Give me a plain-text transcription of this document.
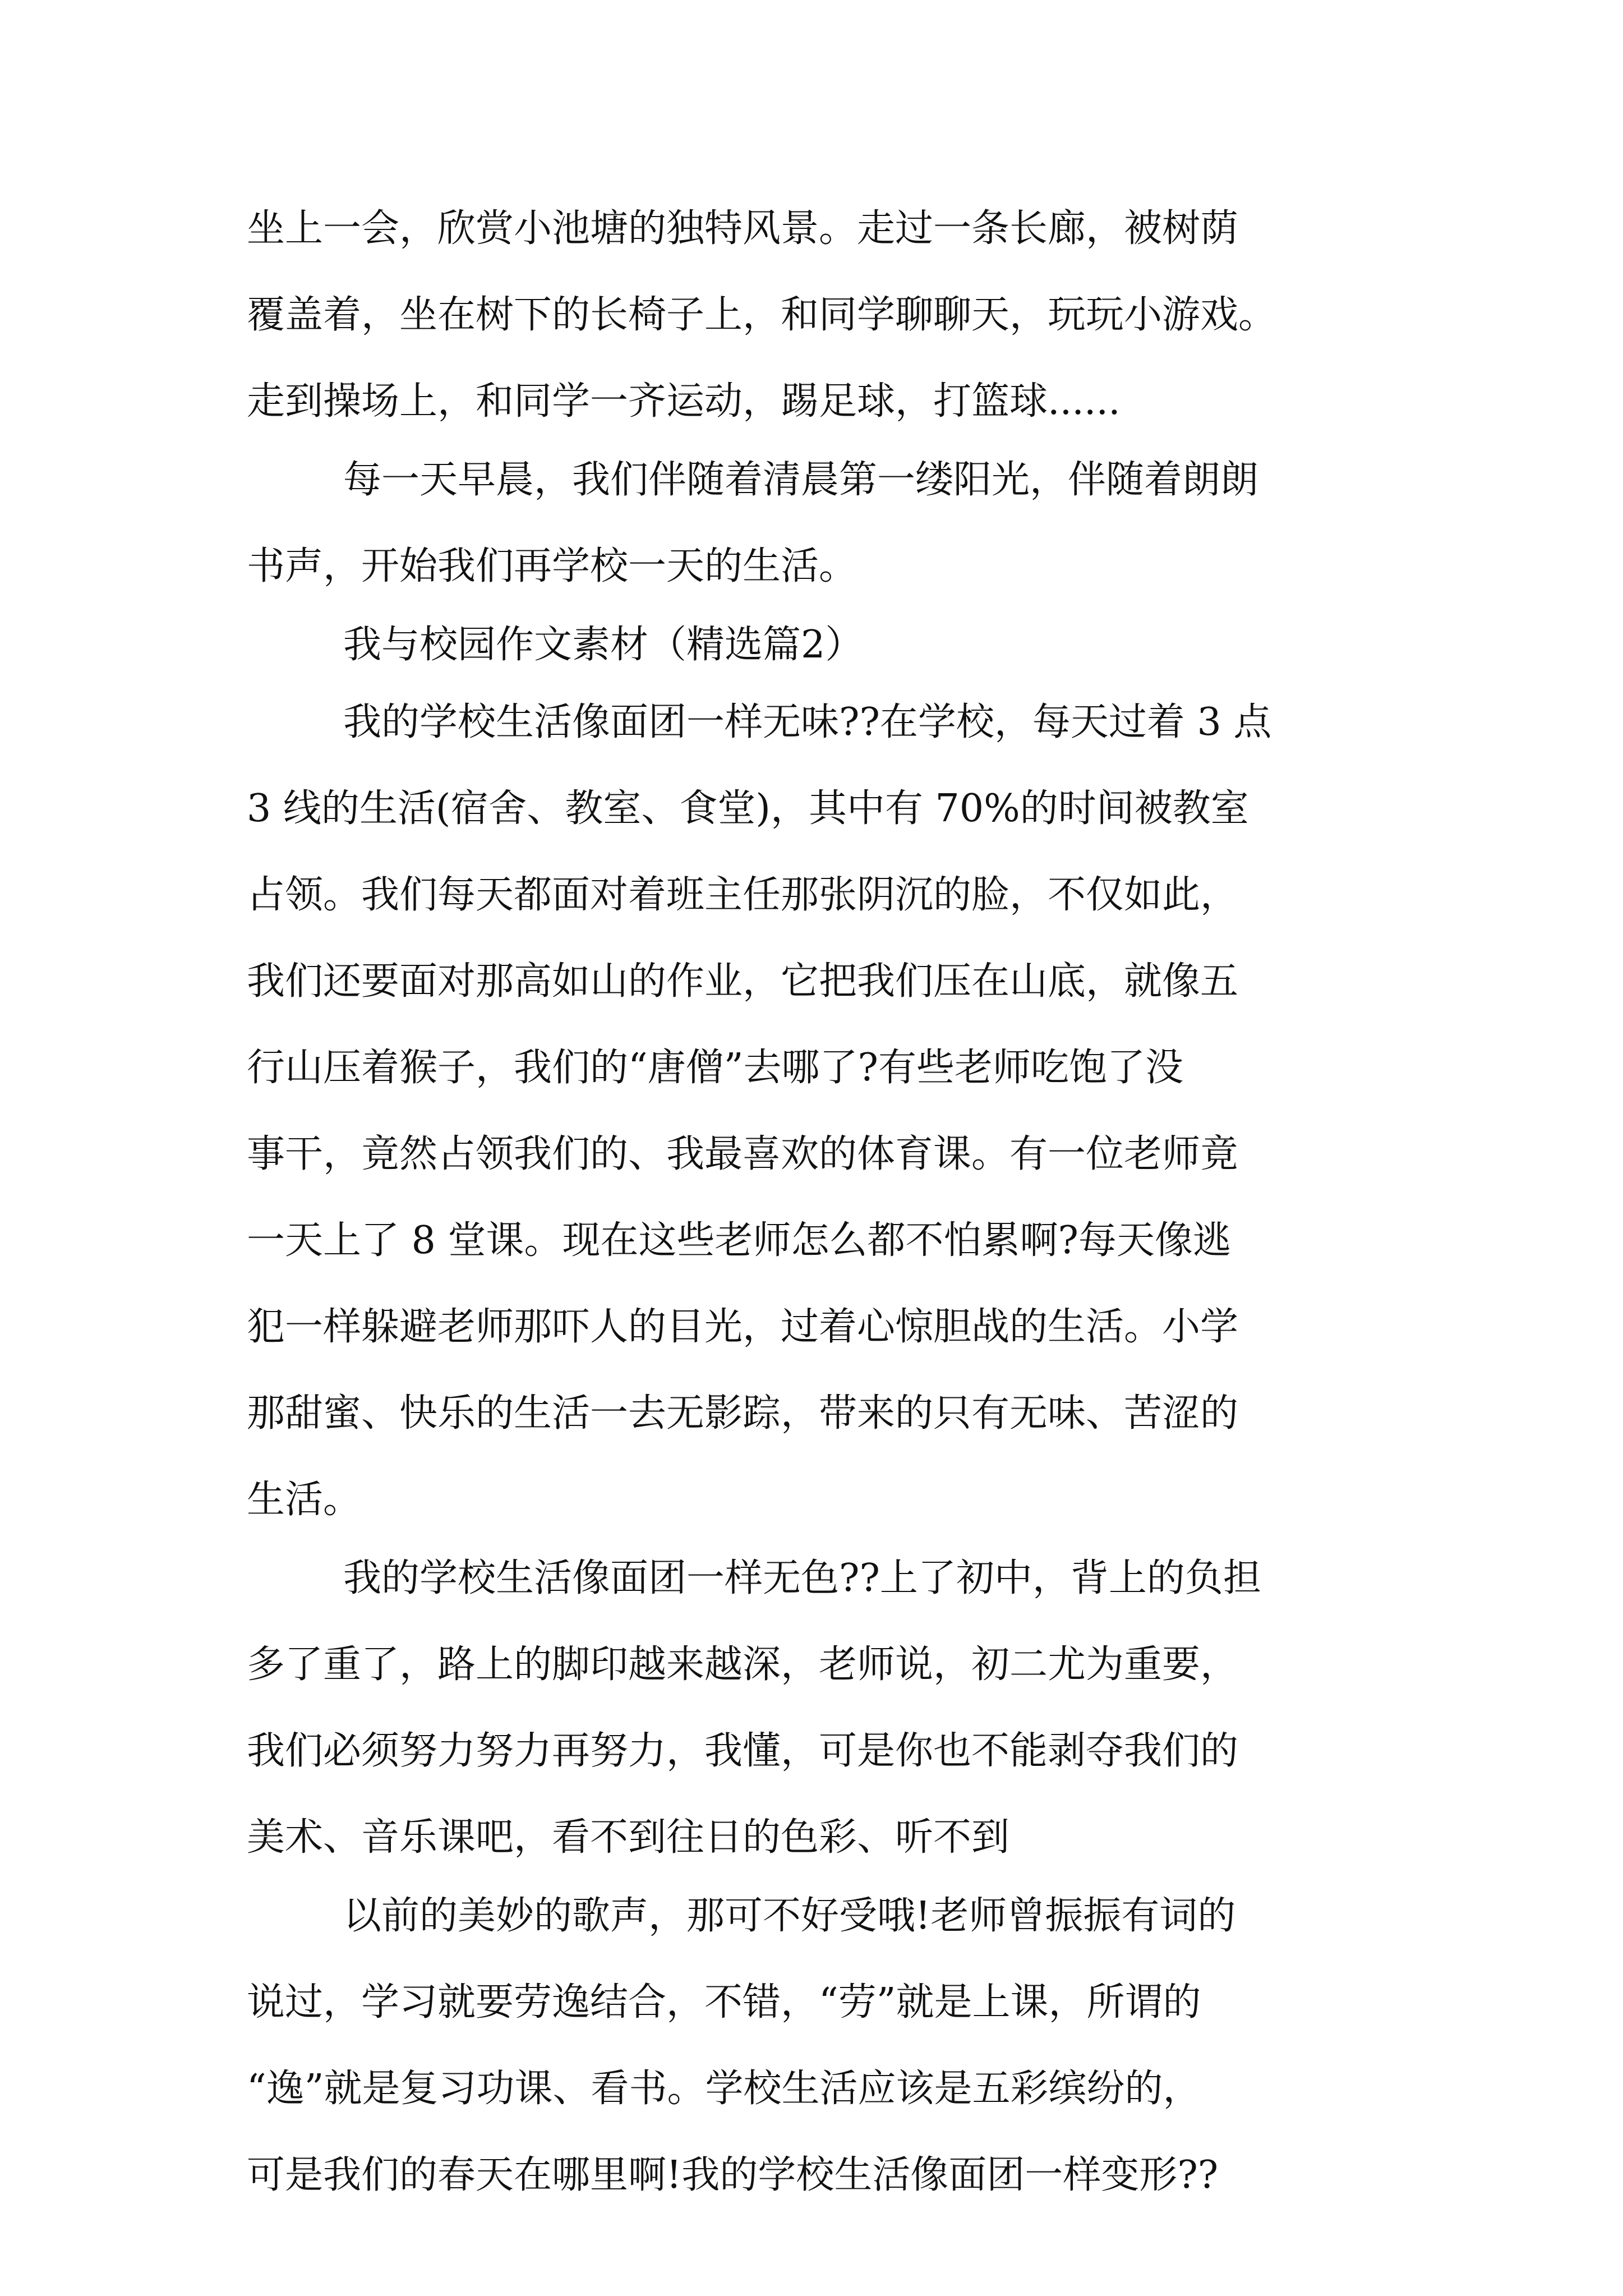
坐上一会，欣赏小池塘的独特风景。走过一条长廊，被树荫
覆盖着，坐在树下的长椅子上，和同学聊聊天，玩玩小游戏。
走到操场上，和同学一齐运动，踢足球，打篮球......
每一天早晨，我们伴随着清晨第一缕阳光，伴随着朗朗
书声，开始我们再学校一天的生活。
我与校园作文素材（精选篇2）
我的学校生活像面团一样无味??在学校，每天过着 3 点
3 线的生活(宿舍、教室、食堂)，其中有 70%的时间被教室
占领。我们每天都面对着班主任那张阴沉的脸，不仅如此，
我们还要面对那高如山的作业，它把我们压在山底，就像五
行山压着猴子，我们的“唐僧”去哪了?有些老师吃饱了没
事干，竟然占领我们的、我最喜欢的体育课。有一位老师竟
一天上了 8 堂课。现在这些老师怎么都不怕累啊?每天像逃
犯一样躲避老师那吓人的目光，过着心惊胆战的生活。小学
那甜蜜、快乐的生活一去无影踪，带来的只有无味、苦涩的
生活。
我的学校生活像面团一样无色??上了初中，背上的负担
多了重了，路上的脚印越来越深，老师说，初二尤为重要，
我们必须努力努力再努力，我懂，可是你也不能剥夺我们的
美术、音乐课吧，看不到往日的色彩、听不到
以前的美妙的歌声，那可不好受哦!老师曾振振有词的
说过，学习就要劳逸结合，不错，“劳”就是上课，所谓的
“逸”就是复习功课、看书。学校生活应该是五彩缤纷的，
可是我们的春天在哪里啊!我的学校生活像面团一样变形??
